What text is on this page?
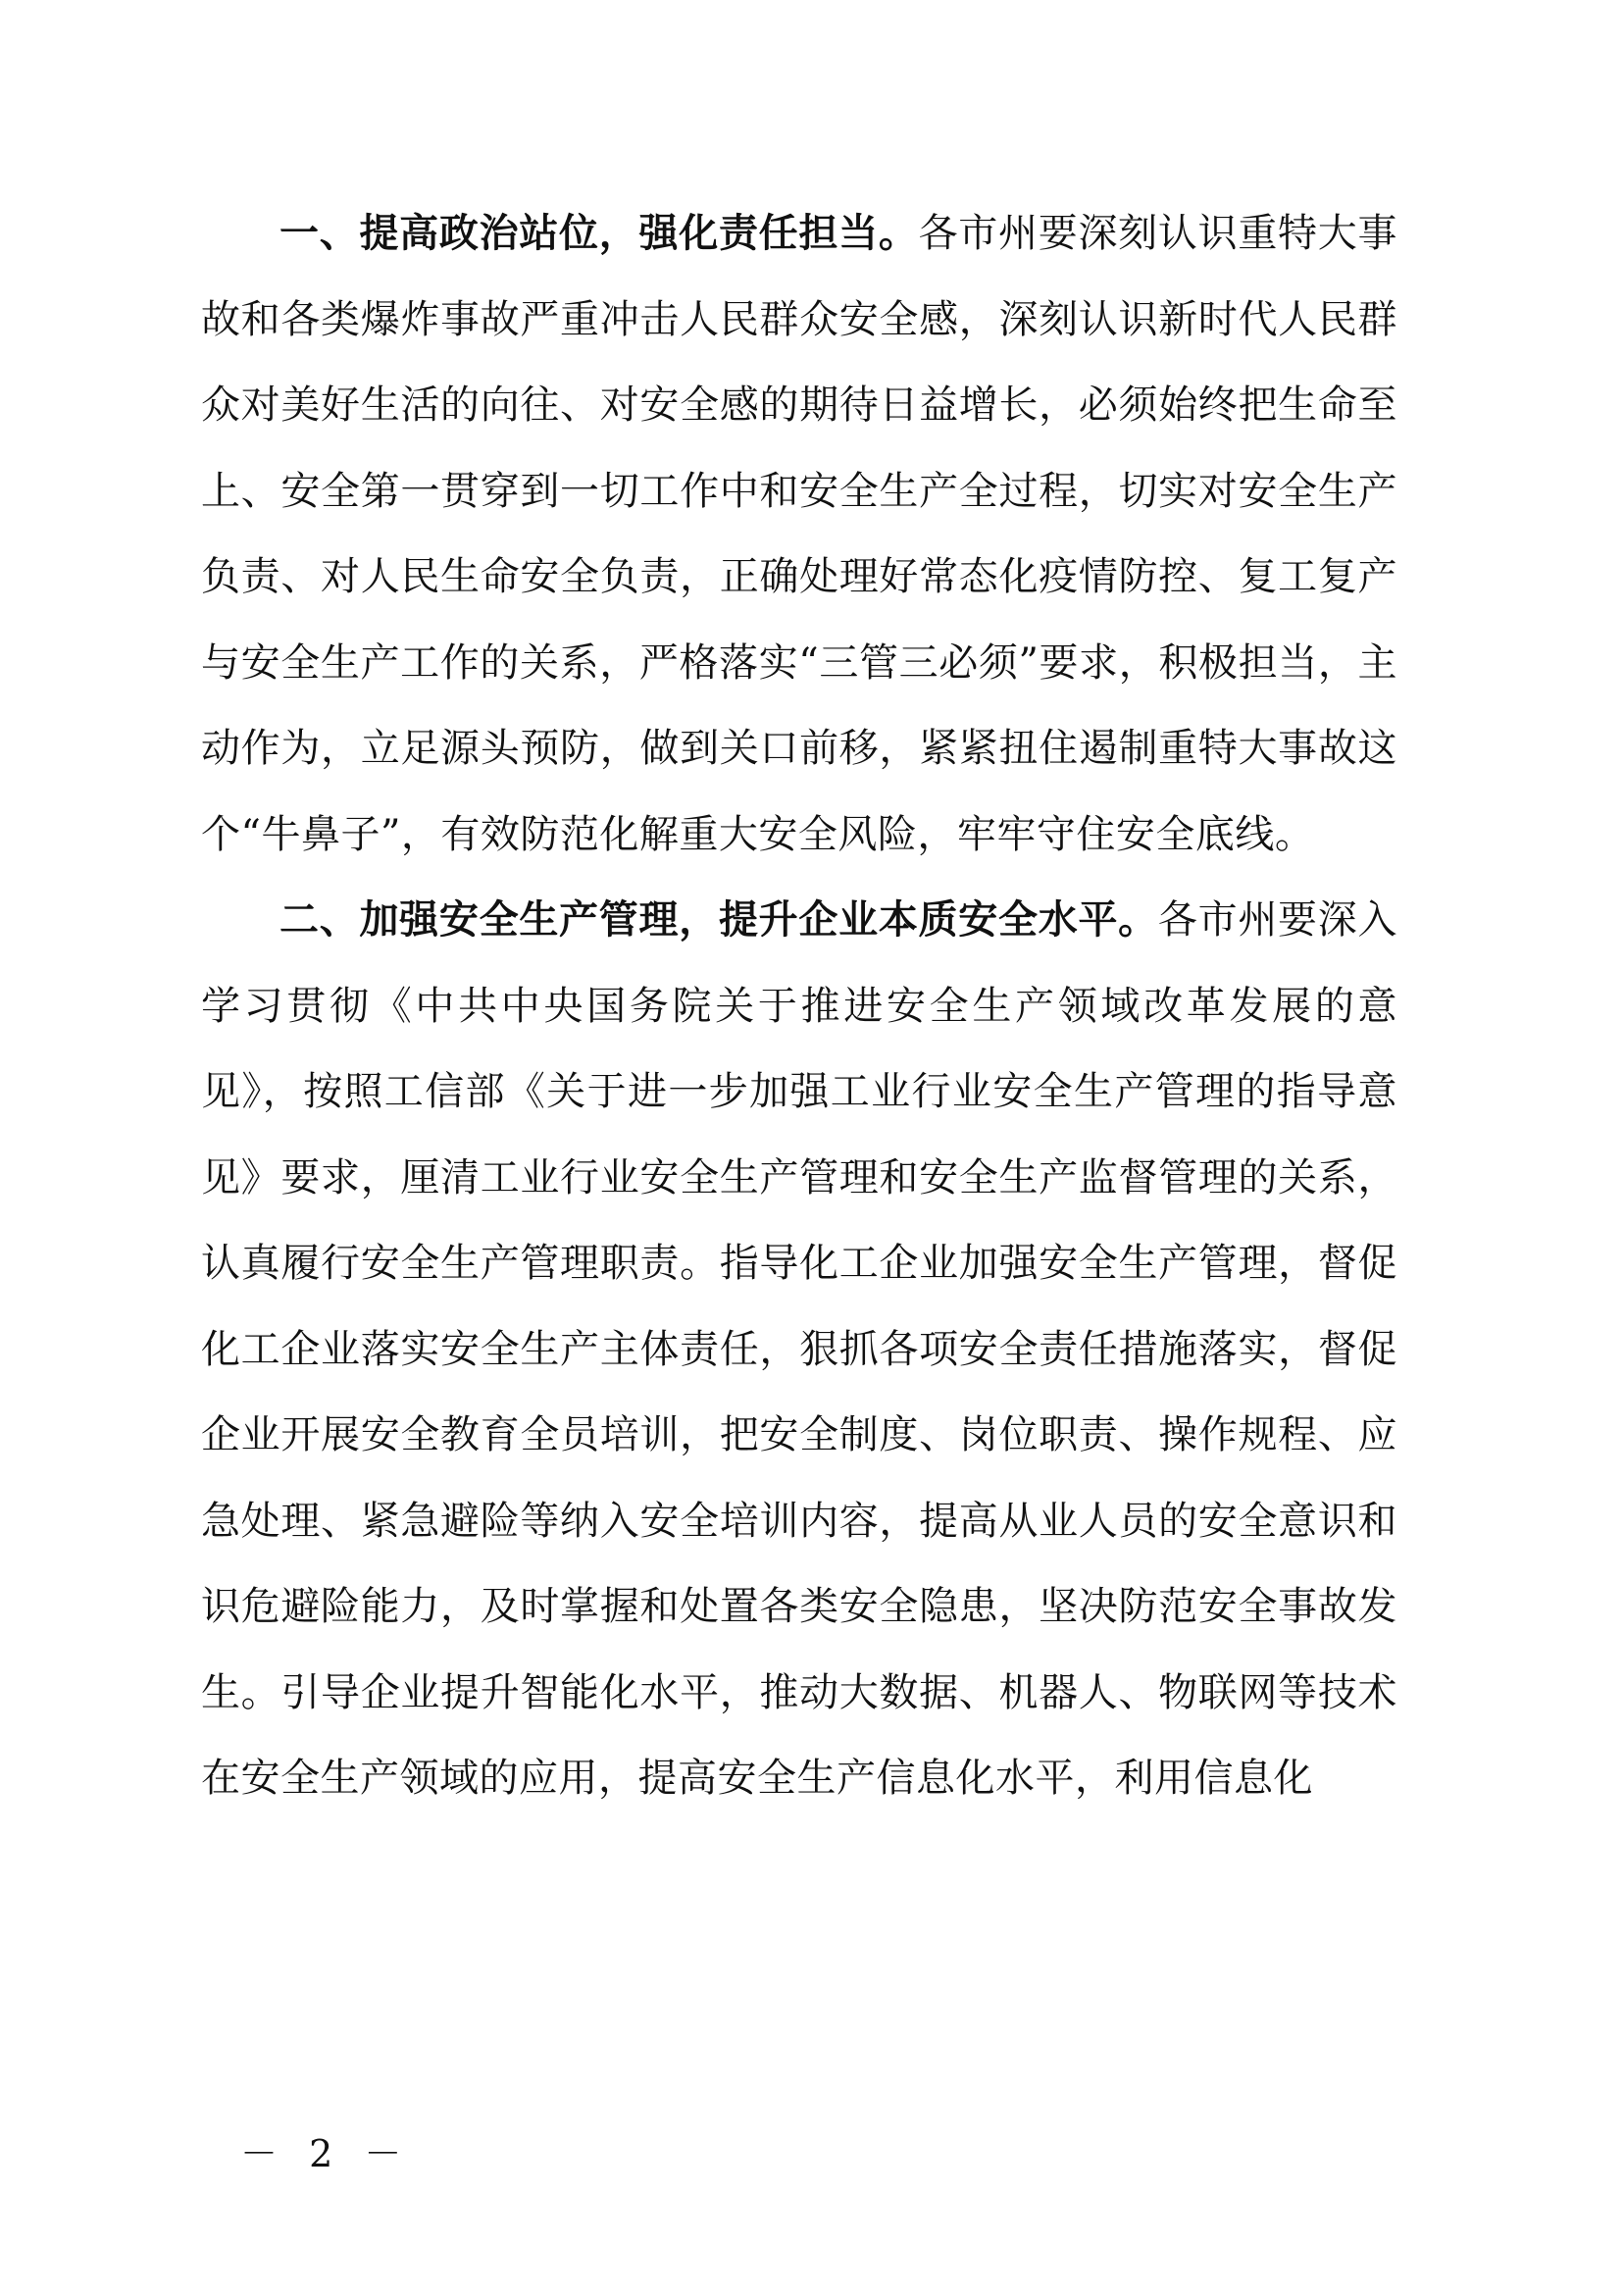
一、提高政治站位，强化责任担当。各市州要深刻认识重特大事故和各类爆炸事故严重冲击人民群众安全感，深刻认识新时代人民群众对美好生活的向往、对安全感的期待日益增长，必须始终把生命至上、安全第一贯穿到一切工作中和安全生产全过程，切实对安全生产负责、对人民生命安全负责，正确处理好常态化疫情防控、复工复产与安全生产工作的关系，严格落实“三管三必须”要求，积极担当，主动作为，立足源头预防，做到关口前移，紧紧扭住遏制重特大事故这个“牛鼻子”，有效防范化解重大安全风险，牢牢守住安全底线。

二、加强安全生产管理，提升企业本质安全水平。各市州要深入学习贯彻《中共中央国务院关于推进安全生产领域改革发展的意见》，按照工信部《关于进一步加强工业行业安全生产管理的指导意见》要求，厘清工业行业安全生产管理和安全生产监督管理的关系，认真履行安全生产管理职责。指导化工企业加强安全生产管理，督促化工企业落实安全生产主体责任，狠抓各项安全责任措施落实，督促企业开展安全教育全员培训，把安全制度、岗位职责、操作规程、应急处理、紧急避险等纳入安全培训内容，提高从业人员的安全意识和识危避险能力，及时掌握和处置各类安全隐患，坚决防范安全事故发生。引导企业提升智能化水平，推动大数据、机器人、物联网等技术在安全生产领域的应用，提高安全生产信息化水平，利用信息化

－ 2 －
